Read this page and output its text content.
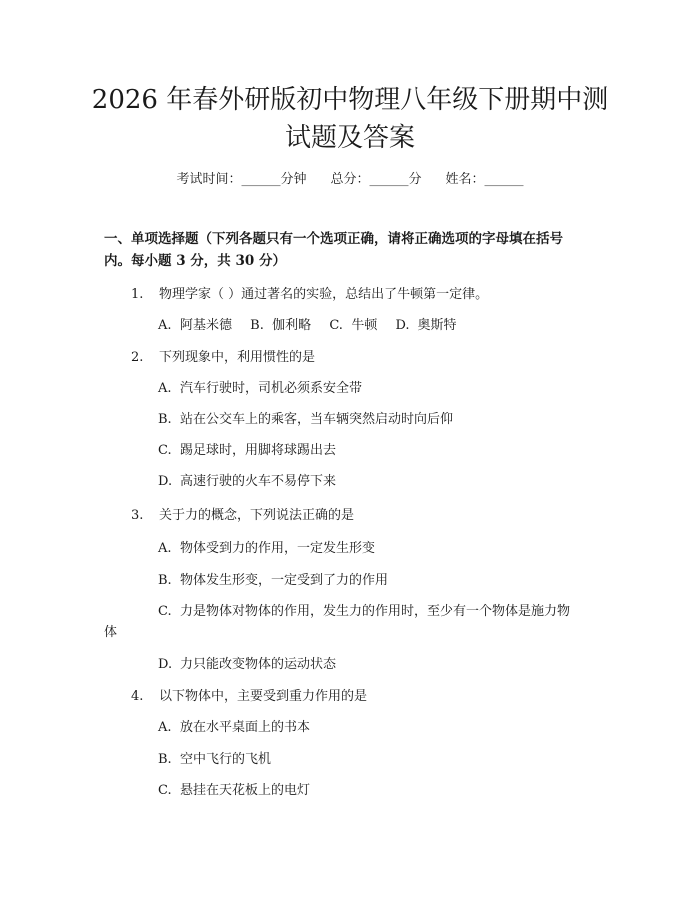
2026 年春外研版初中物理八年级下册期中测
试题及答案
考试时间：______分钟 总分：______分 姓名：______

一、单项选择题（下列各题只有一个选项正确，请将正确选项的字母填在括号

内。每小题 3 分，共 30 分）

1. 物理学家（ ）通过著名的实验，总结出了牛顿第一定律。
A. 阿基米德 B. 伽利略 C. 牛顿 D. 奥斯特
2. 下列现象中，利用惯性的是
A. 汽车行驶时，司机必须系安全带
B. 站在公交车上的乘客，当车辆突然启动时向后仰
C. 踢足球时，用脚将球踢出去
D. 高速行驶的火车不易停下来
3. 关于力的概念，下列说法正确的是
A. 物体受到力的作用，一定发生形变
B. 物体发生形变，一定受到了力的作用
C. 力是物体对物体的作用，发生力的作用时，至少有一个物体是施力物
体
D. 力只能改变物体的运动状态
4. 以下物体中，主要受到重力作用的是
A. 放在水平桌面上的书本
B. 空中飞行的飞机
C. 悬挂在天花板上的电灯
